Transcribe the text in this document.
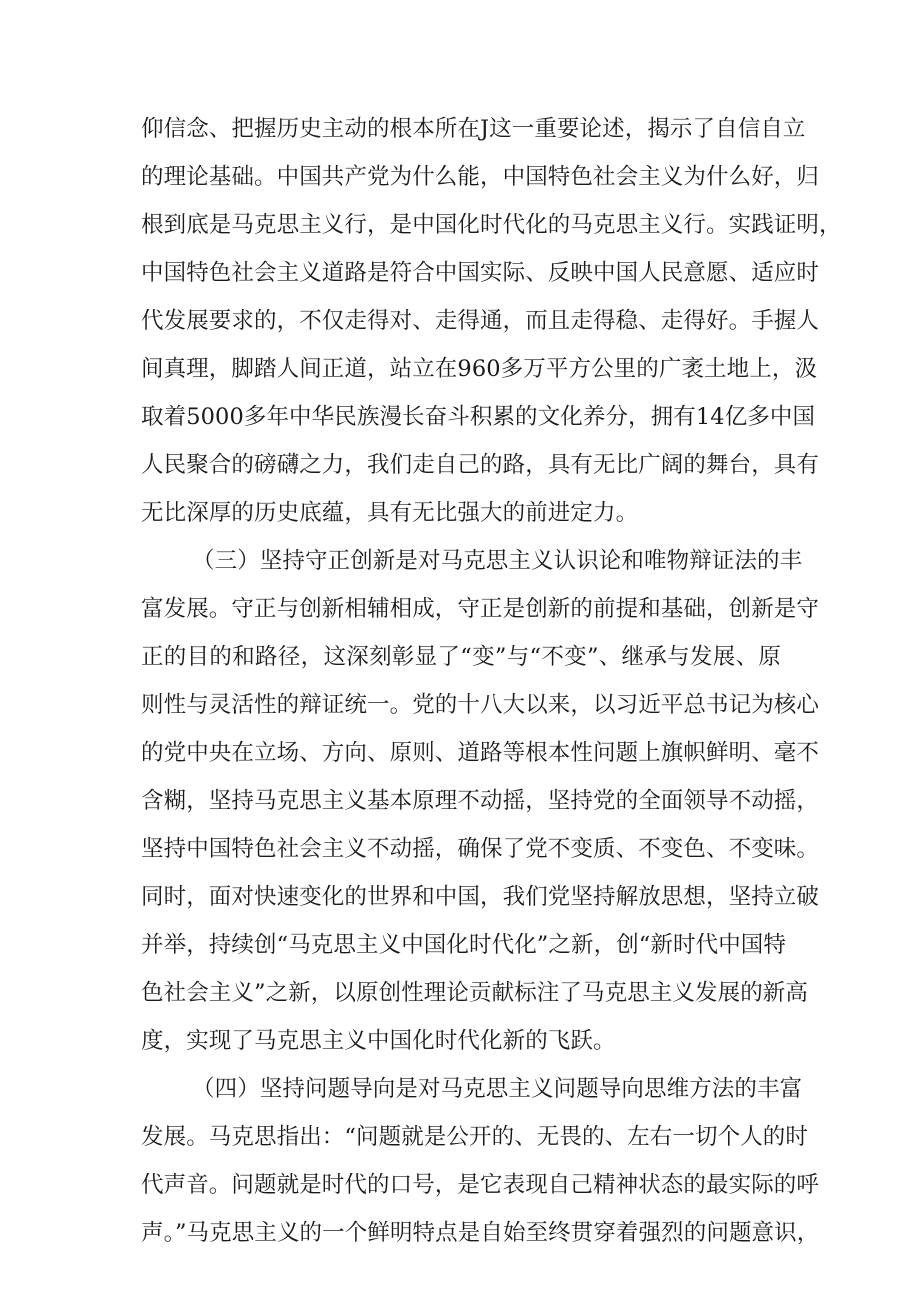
仰信念、把握历史主动的根本所在J这一重要论述，揭示了自信自立
的理论基础。中国共产党为什么能，中国特色社会主义为什么好，归
根到底是马克思主义行，是中国化时代化的马克思主义行。实践证明，
中国特色社会主义道路是符合中国实际、反映中国人民意愿、适应时
代发展要求的，不仅走得对、走得通，而且走得稳、走得好。手握人
间真理，脚踏人间正道，站立在960多万平方公里的广袤土地上，汲
取着5000多年中华民族漫长奋斗积累的文化养分，拥有14亿多中国
人民聚合的磅礴之力，我们走自己的路，具有无比广阔的舞台，具有
无比深厚的历史底蕴，具有无比强大的前进定力。
（三）坚持守正创新是对马克思主义认识论和唯物辩证法的丰
富发展。守正与创新相辅相成，守正是创新的前提和基础，创新是守
正的目的和路径，这深刻彰显了“变”与“不变”、继承与发展、原
则性与灵活性的辩证统一。党的十八大以来，以习近平总书记为核心
的党中央在立场、方向、原则、道路等根本性问题上旗帜鲜明、毫不
含糊，坚持马克思主义基本原理不动摇，坚持党的全面领导不动摇，
坚持中国特色社会主义不动摇，确保了党不变质、不变色、不变味。
同时，面对快速变化的世界和中国，我们党坚持解放思想，坚持立破
并举，持续创“马克思主义中国化时代化”之新，创“新时代中国特
色社会主义”之新，以原创性理论贡献标注了马克思主义发展的新高
度，实现了马克思主义中国化时代化新的飞跃。
（四）坚持问题导向是对马克思主义问题导向思维方法的丰富
发展。马克思指出：“问题就是公开的、无畏的、左右一切个人的时
代声音。问题就是时代的口号，是它表现自己精神状态的最实际的呼
声。”马克思主义的一个鲜明特点是自始至终贯穿着强烈的问题意识，
